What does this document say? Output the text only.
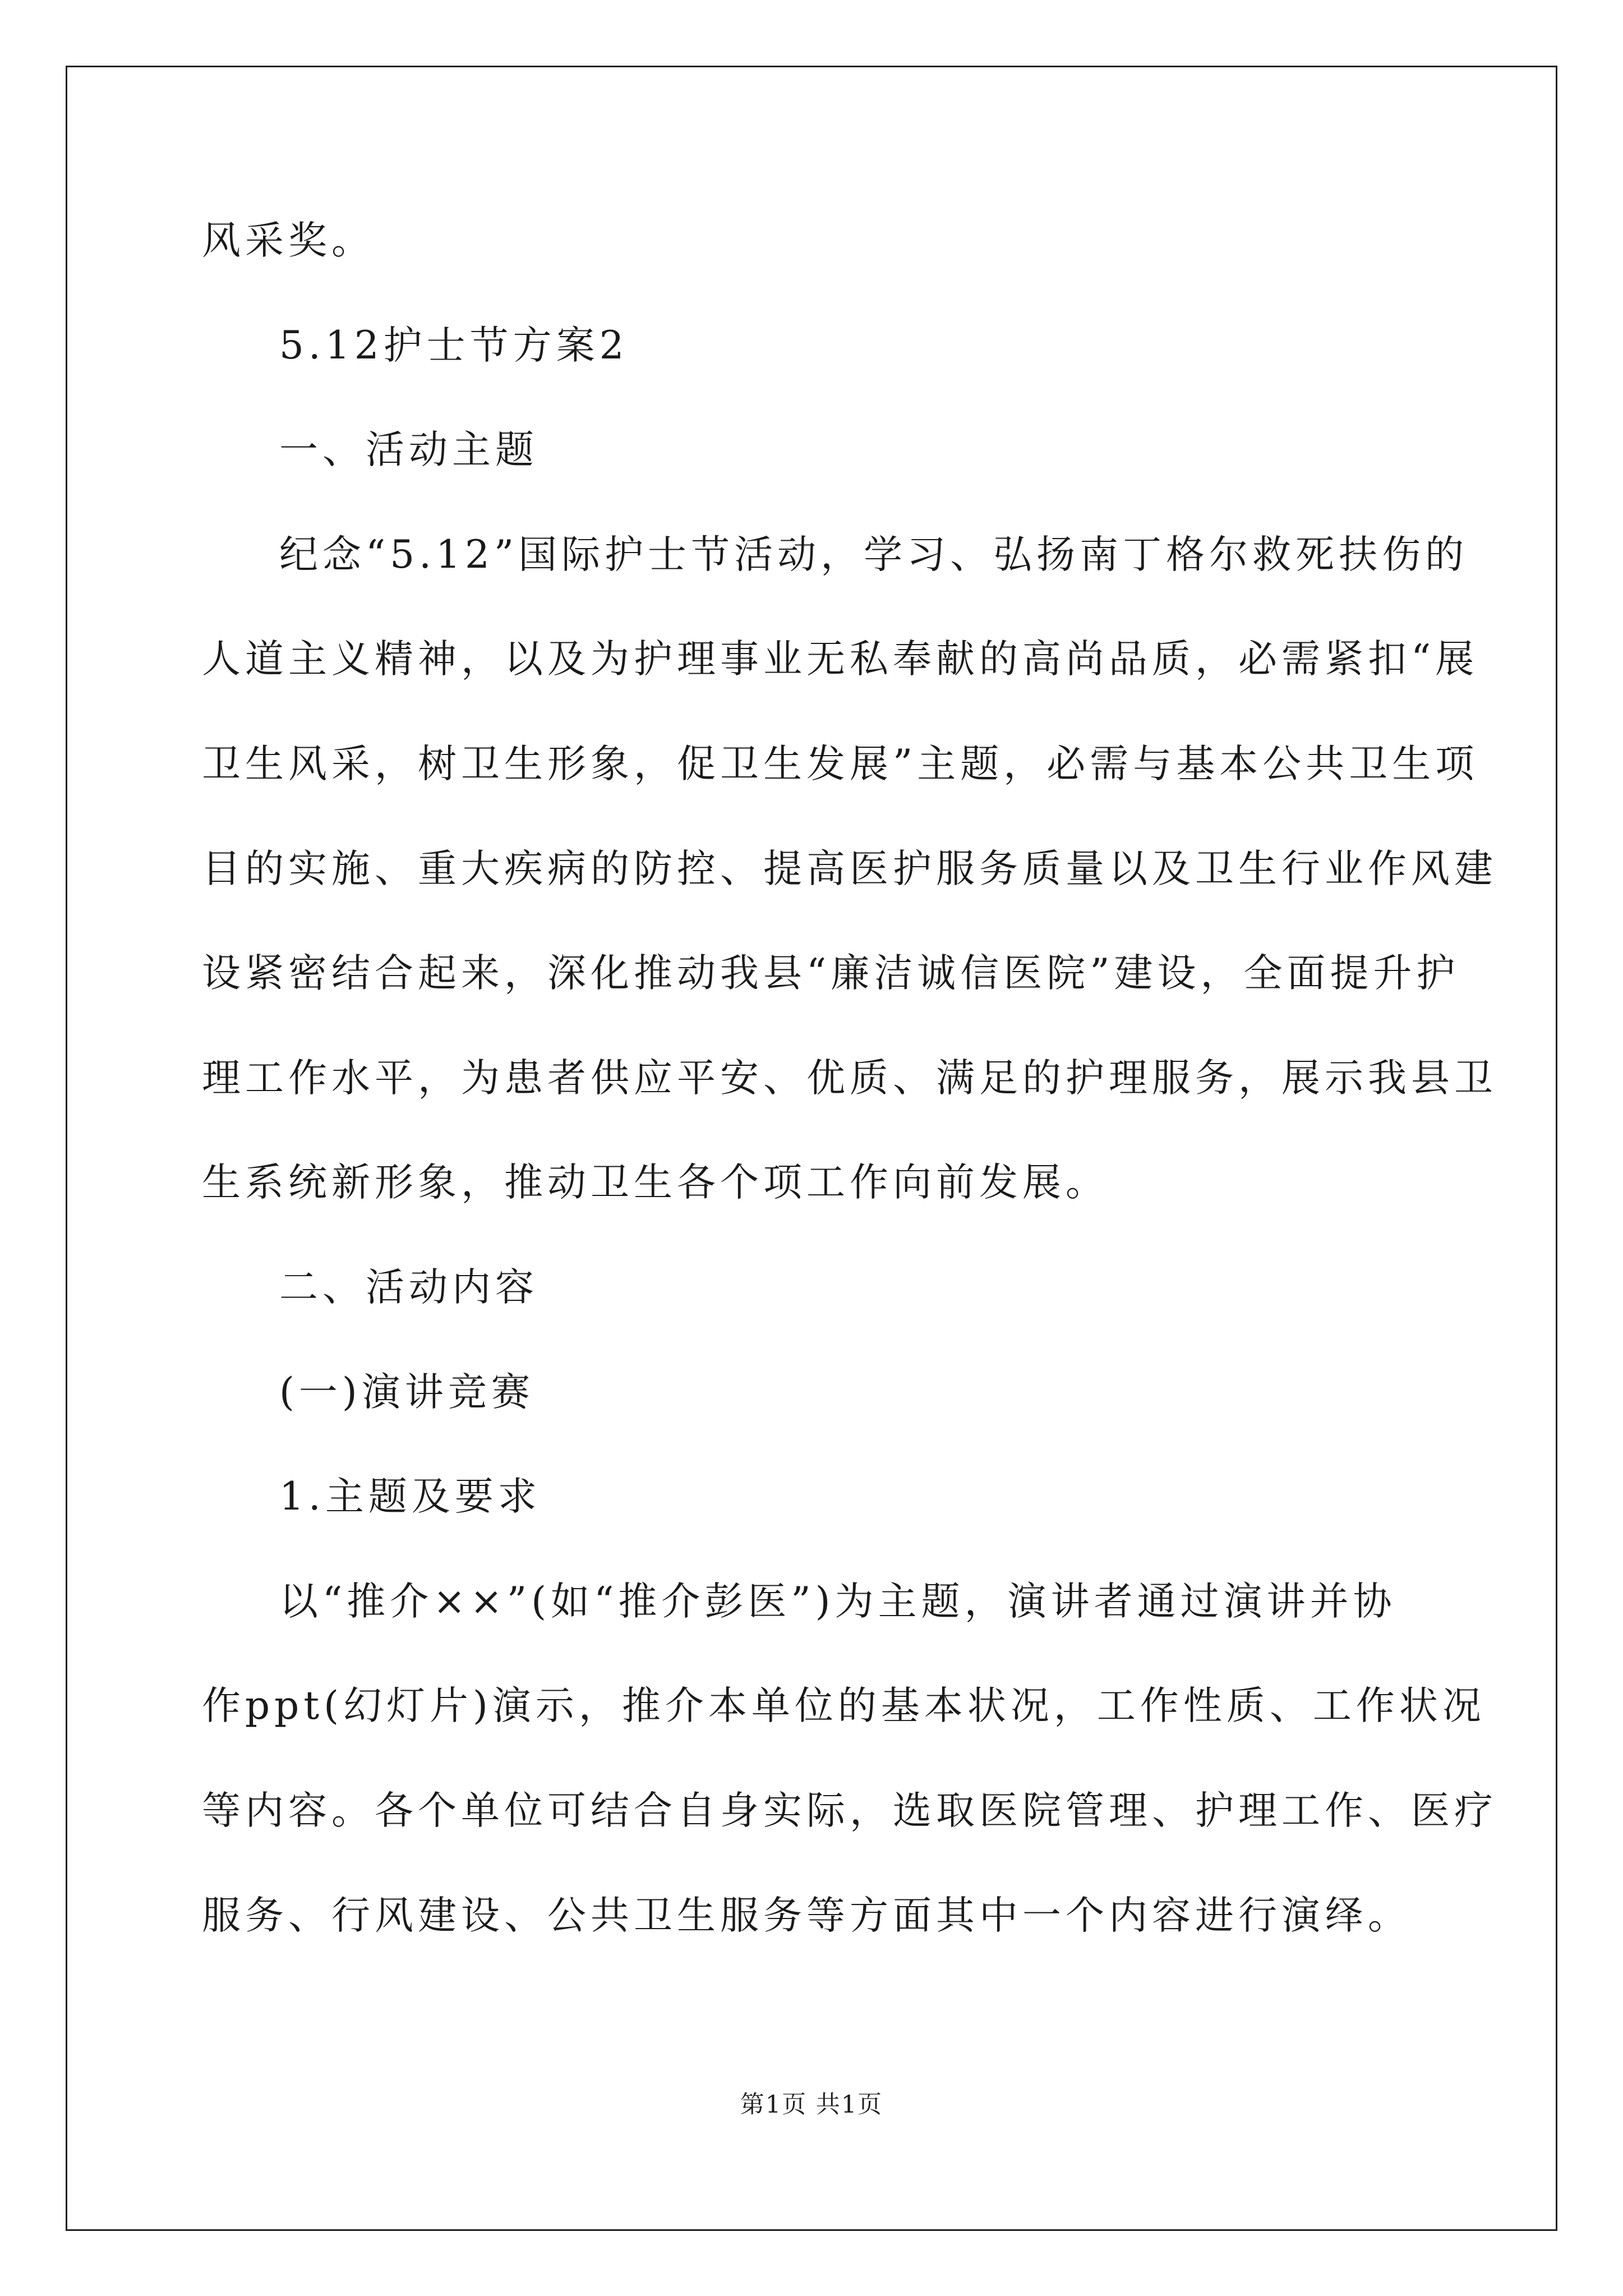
风采奖。
5.12护士节方案2
一、活动主题
纪念“5.12”国际护士节活动，学习、弘扬南丁格尔救死扶伤的
人道主义精神，以及为护理事业无私奉献的高尚品质，必需紧扣“展
卫生风采，树卫生形象，促卫生发展”主题，必需与基本公共卫生项
目的实施、重大疾病的防控、提高医护服务质量以及卫生行业作风建
设紧密结合起来，深化推动我县“廉洁诚信医院”建设，全面提升护
理工作水平，为患者供应平安、优质、满足的护理服务，展示我县卫
生系统新形象，推动卫生各个项工作向前发展。
二、活动内容
(一)演讲竞赛
1.主题及要求
以“推介××”(如“推介彭医”)为主题，演讲者通过演讲并协
作ppt(幻灯片)演示，推介本单位的基本状况，工作性质、工作状况
等内容。各个单位可结合自身实际，选取医院管理、护理工作、医疗
服务、行风建设、公共卫生服务等方面其中一个内容进行演绎。
第1页 共1页
